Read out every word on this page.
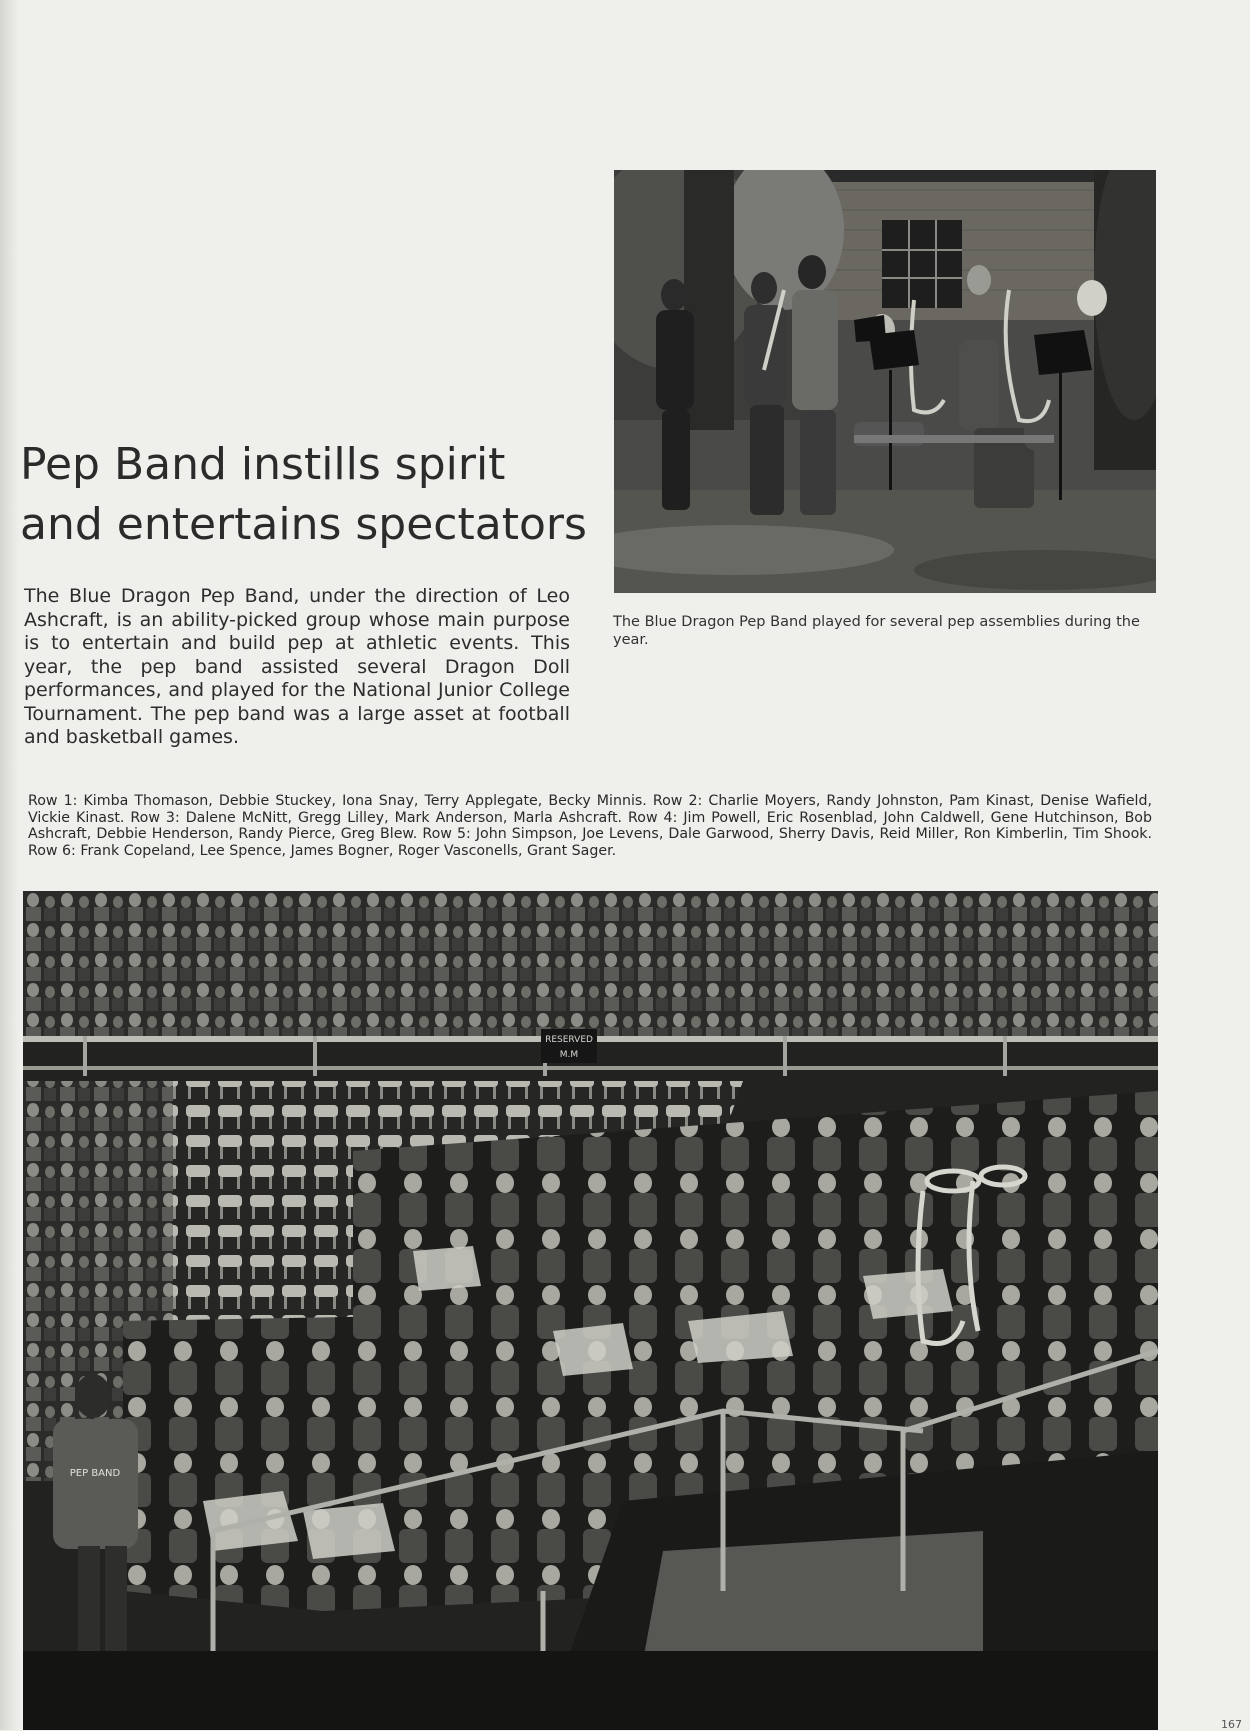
Pep Band instills spirit
and entertains spectators

The Blue Dragon Pep Band, under the direction of Leo Ashcraft, is an ability-picked group whose main purpose is to entertain and build pep at athletic events. This year, the pep band assisted several Dragon Doll performances, and played for the National Junior College Tournament. The pep band was a large asset at football and basketball games.

The Blue Dragon Pep Band played for several pep assemblies during the year.

Row 1: Kimba Thomason, Debbie Stuckey, Iona Snay, Terry Applegate, Becky Minnis. Row 2: Charlie Moyers, Randy Johnston, Pam Kinast, Denise Wafield, Vickie Kinast. Row 3: Dalene McNitt, Gregg Lilley, Mark Anderson, Marla Ashcraft. Row 4: Jim Powell, Eric Rosenblad, John Caldwell, Gene Hutchinson, Bob Ashcraft, Debbie Henderson, Randy Pierce, Greg Blew. Row 5: John Simpson, Joe Levens, Dale Garwood, Sherry Davis, Reid Miller, Ron Kimberlin, Tim Shook. Row 6: Frank Copeland, Lee Spence, James Bogner, Roger Vasconells, Grant Sager.

RESERVED
M.M
PEP BAND
167
